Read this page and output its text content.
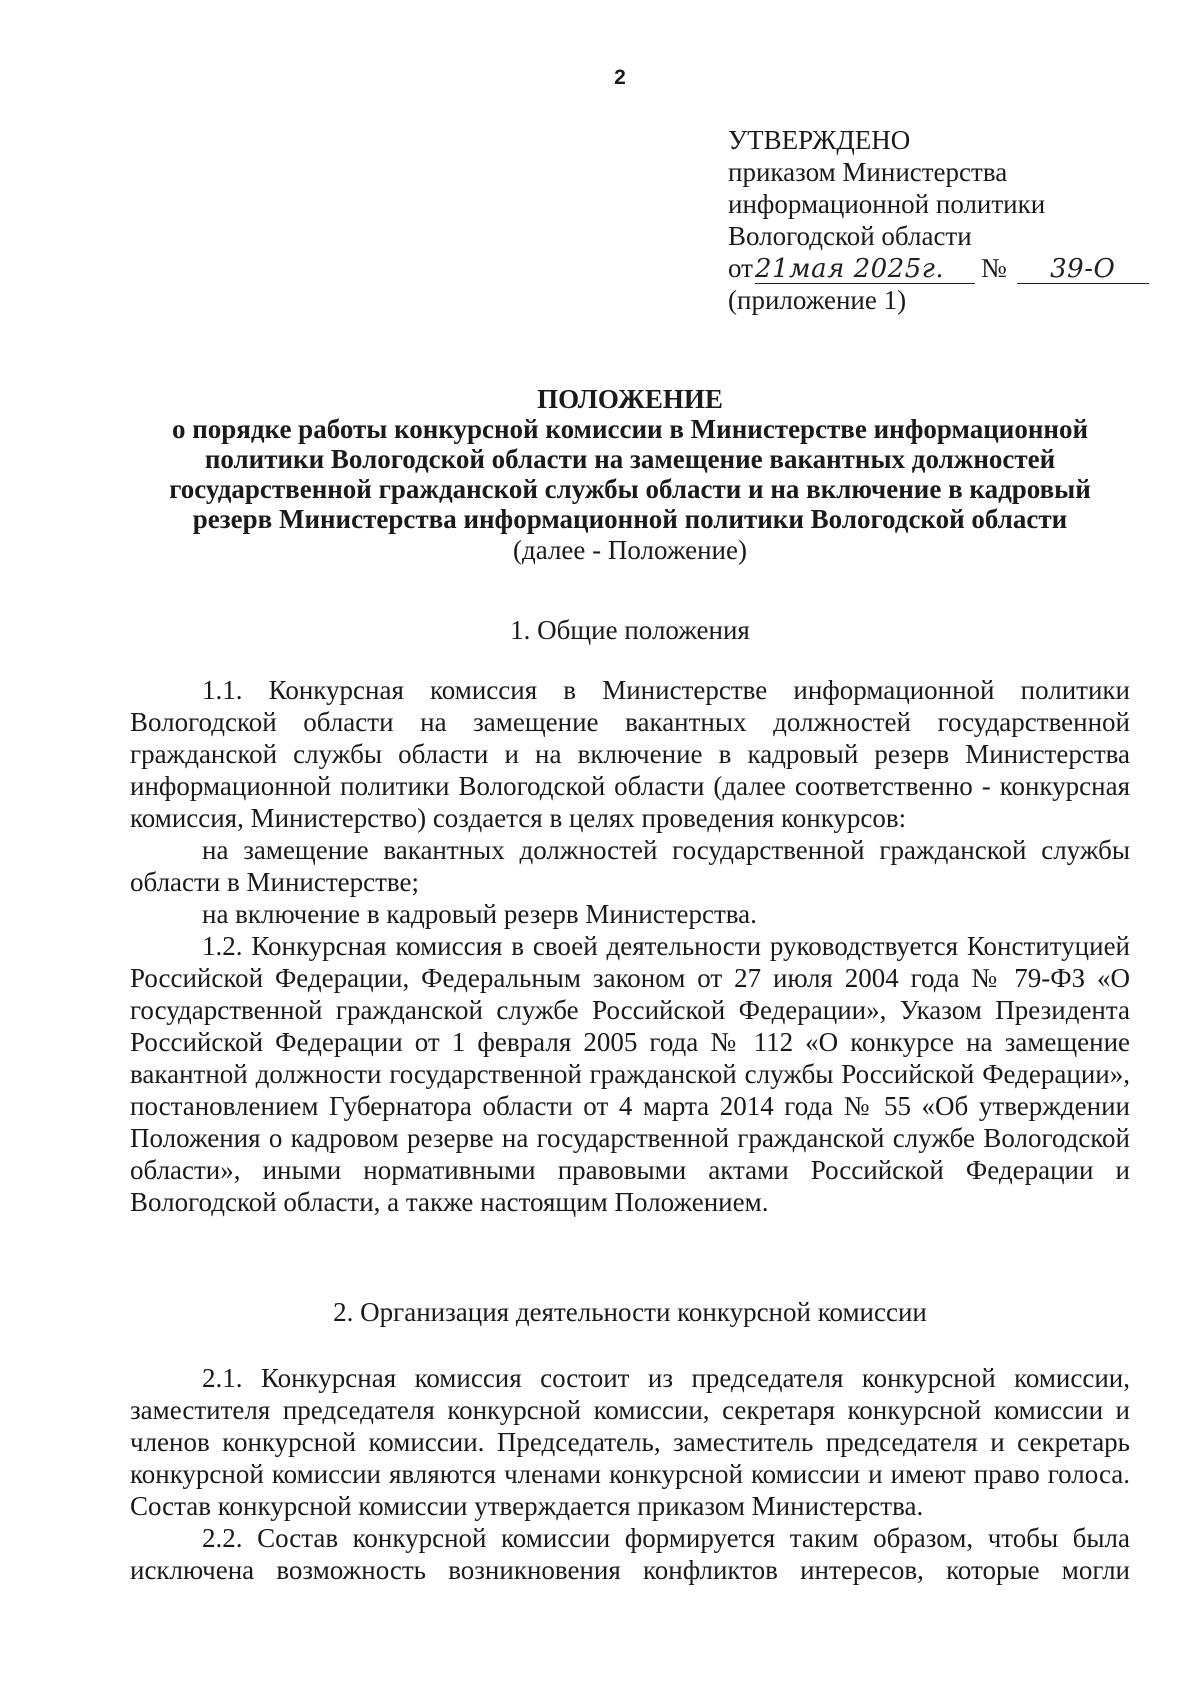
2
УТВЕРЖДЕНО
приказом Министерства
информационной политики
Вологодской области
от 21мая 2025г.	№	39-О
(приложение 1)
ПОЛОЖЕНИЕ
о порядке работы конкурсной комиссии в Министерстве информационной
политики Вологодской области на замещение вакантных должностей
государственной гражданской службы области и на включение в кадровый
резерв Министерства информационной политики Вологодской области
(далее - Положение)
1. Общие положения

1.1. Конкурсная комиссия в Министерстве информационной политики Вологодской области на замещение вакантных должностей государственной гражданской службы области и на включение в кадровый резерв Министерства информационной политики Вологодской области (далее соответственно - конкурсная комиссия, Министерство) создается в целях проведения конкурсов:

на замещение вакантных должностей государственной гражданской службы области в Министерстве;

на включение в кадровый резерв Министерства.

1.2. Конкурсная комиссия в своей деятельности руководствуется Конституцией Российской Федерации, Федеральным законом от 27 июля 2004 года № 79-ФЗ «О государственной гражданской службе Российской Федерации», Указом Президента Российской Федерации от 1 февраля 2005 года № 112 «О конкурсе на замещение вакантной должности государственной гражданской службы Российской Федерации», постановлением Губернатора области от 4 марта 2014 года № 55 «Об утверждении Положения о кадровом резерве на государственной гражданской службе Вологодской области», иными нормативными правовыми актами Российской Федерации и Вологодской области, а также настоящим Положением.

2. Организация деятельности конкурсной комиссии

2.1. Конкурсная комиссия состоит из председателя конкурсной комиссии, заместителя председателя конкурсной комиссии, секретаря конкурсной комиссии и членов конкурсной комиссии. Председатель, заместитель председателя и секретарь конкурсной комиссии являются членами конкурсной комиссии и имеют право голоса. Состав конкурсной комиссии утверждается приказом Министерства.

2.2. Состав конкурсной комиссии формируется таким образом, чтобы была исключена возможность возникновения конфликтов интересов, которые могли
